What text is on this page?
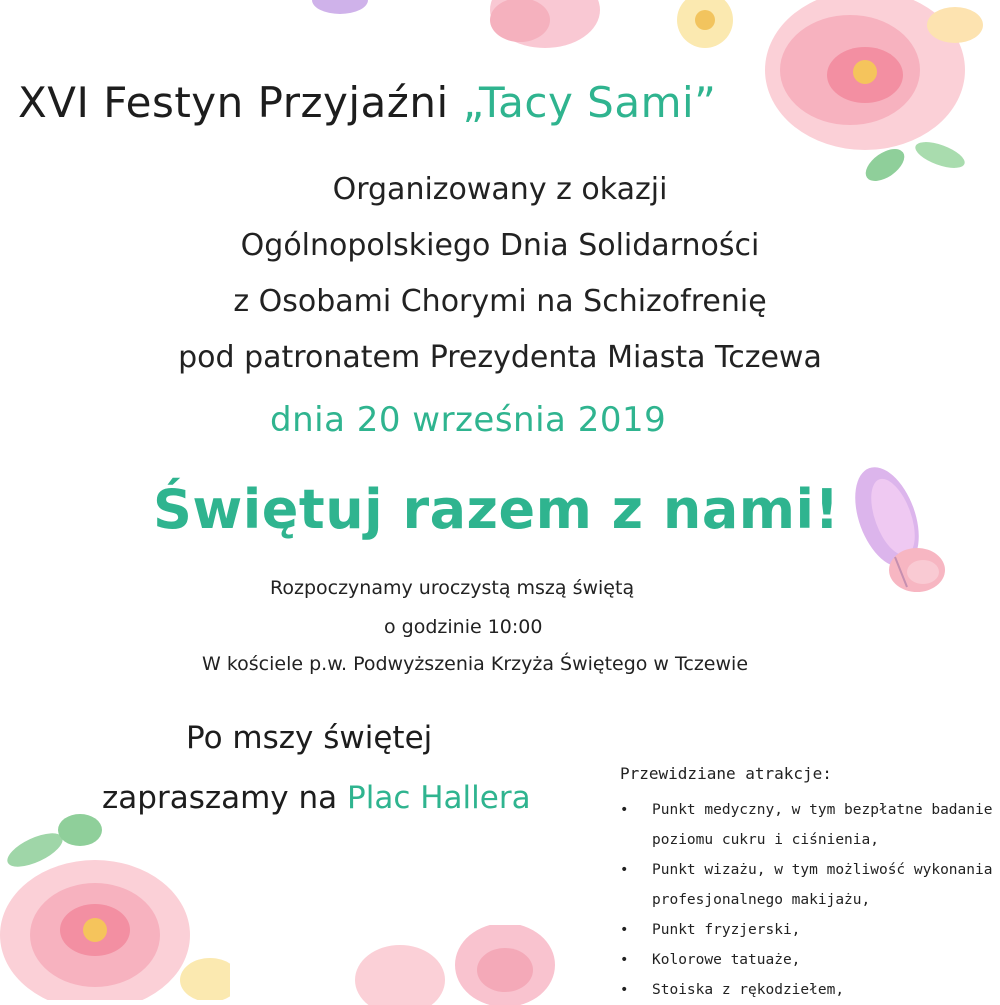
XVI Festyn Przyjaźni „Tacy Sami”
Organizowany z okazji
Ogólnopolskiego Dnia Solidarności
z Osobami Chorymi na Schizofrenię
pod patronatem Prezydenta Miasta Tczewa
dnia 20 września 2019
Świętuj razem z nami!
Rozpoczynamy uroczystą mszą świętą
o godzinie 10:00
W kościele p.w. Podwyższenia Krzyża Świętego w Tczewie
Po mszy świętej
zapraszamy na Plac Hallera
Przewidziane atrakcje:
• Punkt medyczny, w tym bezpłatne badanie poziomu cukru i ciśnienia,
• Punkt wizażu, w tym możliwość wykonania profesjonalnego makijażu,
• Punkt fryzjerski,
• Kolorowe tatuaże,
• Stoiska z rękodziełem,
